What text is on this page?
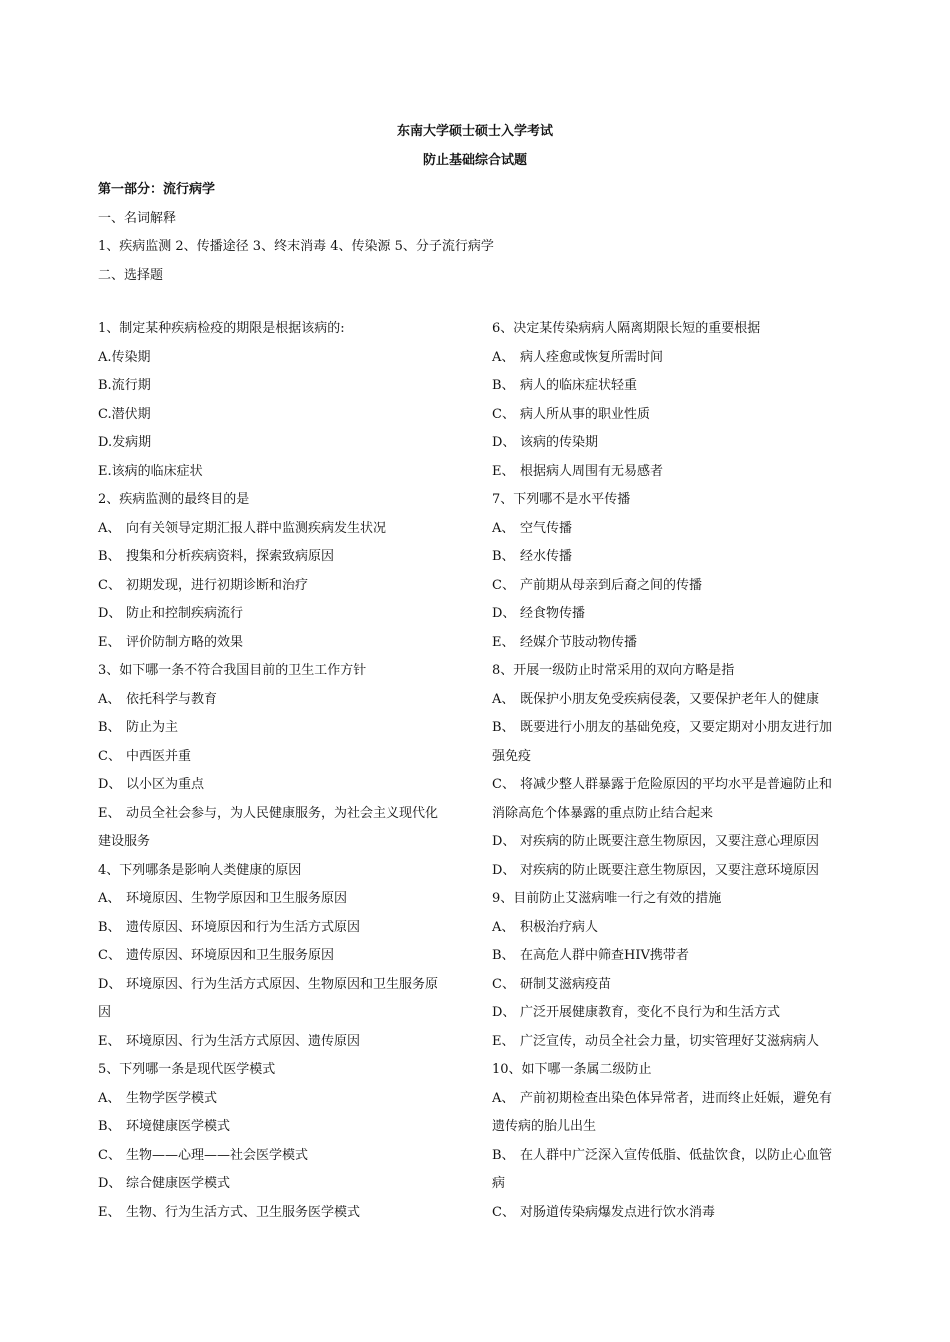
东南大学硕士硕士入学考试
防止基础综合试题
第一部分：流行病学
一、名词解释
1、疾病监测 2、传播途径 3、终末消毒 4、传染源 5、分子流行病学
二、选择题
1、制定某种疾病检疫的期限是根据该病的:
A.传染期
B.流行期
C.潜伏期
D.发病期
E.该病的临床症状
2、疾病监测的最终目的是
A、 向有关领导定期汇报人群中监测疾病发生状况
B、 搜集和分析疾病资料，探索致病原因
C、 初期发现，进行初期诊断和治疗
D、 防止和控制疾病流行
E、 评价防制方略的效果
3、如下哪一条不符合我国目前的卫生工作方针
A、 依托科学与教育
B、 防止为主
C、 中西医并重
D、 以小区为重点
E、 动员全社会参与，为人民健康服务，为社会主义现代化
建设服务
4、下列哪条是影响人类健康的原因
A、 环境原因、生物学原因和卫生服务原因
B、 遗传原因、环境原因和行为生活方式原因
C、 遗传原因、环境原因和卫生服务原因
D、 环境原因、行为生活方式原因、生物原因和卫生服务原
因
E、 环境原因、行为生活方式原因、遗传原因
5、下列哪一条是现代医学模式
A、 生物学医学模式
B、 环境健康医学模式
C、 生物——心理——社会医学模式
D、 综合健康医学模式
E、 生物、行为生活方式、卫生服务医学模式
6、决定某传染病病人隔离期限长短的重要根据
A、 病人痊愈或恢复所需时间
B、 病人的临床症状轻重
C、 病人所从事的职业性质
D、 该病的传染期
E、 根据病人周围有无易感者
7、下列哪不是水平传播
A、 空气传播
B、 经水传播
C、 产前期从母亲到后裔之间的传播
D、 经食物传播
E、 经媒介节肢动物传播
8、开展一级防止时常采用的双向方略是指
A、 既保护小朋友免受疾病侵袭，又要保护老年人的健康
B、 既要进行小朋友的基础免疫，又要定期对小朋友进行加
强免疫
C、 将减少整人群暴露于危险原因的平均水平是普遍防止和
消除高危个体暴露的重点防止结合起来
D、 对疾病的防止既要注意生物原因，又要注意心理原因
D、 对疾病的防止既要注意生物原因，又要注意环境原因
9、目前防止艾滋病唯一行之有效的措施
A、 积极治疗病人
B、 在高危人群中筛查HIV携带者
C、 研制艾滋病疫苗
D、 广泛开展健康教育，变化不良行为和生活方式
E、 广泛宣传，动员全社会力量，切实管理好艾滋病病人
10、如下哪一条属二级防止
A、 产前初期检查出染色体异常者，进而终止妊娠，避免有
遗传病的胎儿出生
B、 在人群中广泛深入宣传低脂、低盐饮食，以防止心血管
病
C、 对肠道传染病爆发点进行饮水消毒
